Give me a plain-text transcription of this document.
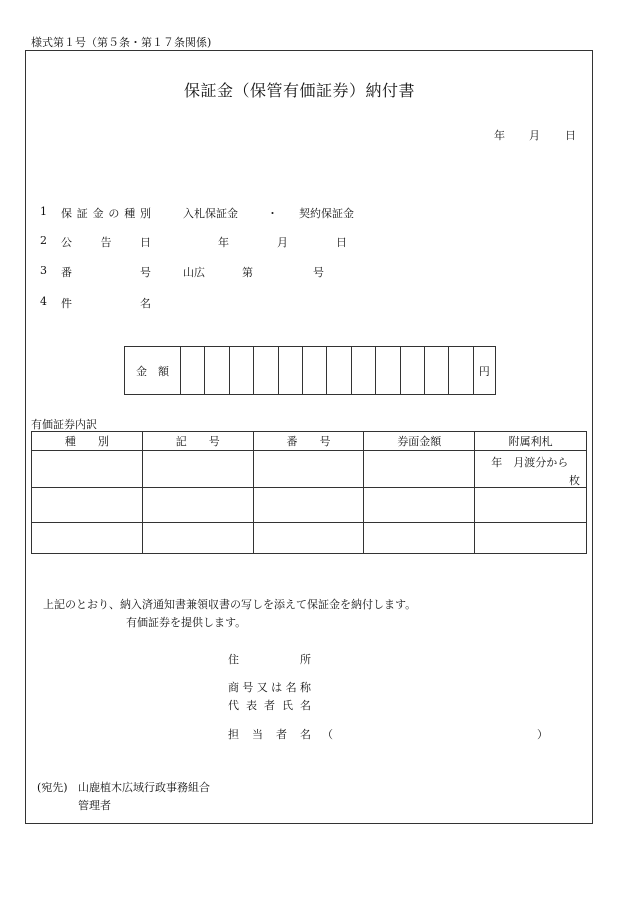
様式第１号（第５条・第１７条関係)
保証金（保管有価証券）納付書
年 月 日
1 保 証 金 の 種 別	入札保証金	・ 契約保証金
2 公	告	日	年	月	日
3 番	号	山広	第	号
4 件	名
金　額													円
有価証券内訳
種　　別	記　　号	番　　号	券面金額	附属利札

				年　月渡分から
枚

上記のとおり、納入済通知書兼領収書の写しを添えて保証金を納付します。
有価証券を提供します。
住	所
商 号 又 は 名 称
代 表 者 氏 名
担 当 者 名 （	）
(宛先) 山鹿植木広域行政事務組合
管理者
